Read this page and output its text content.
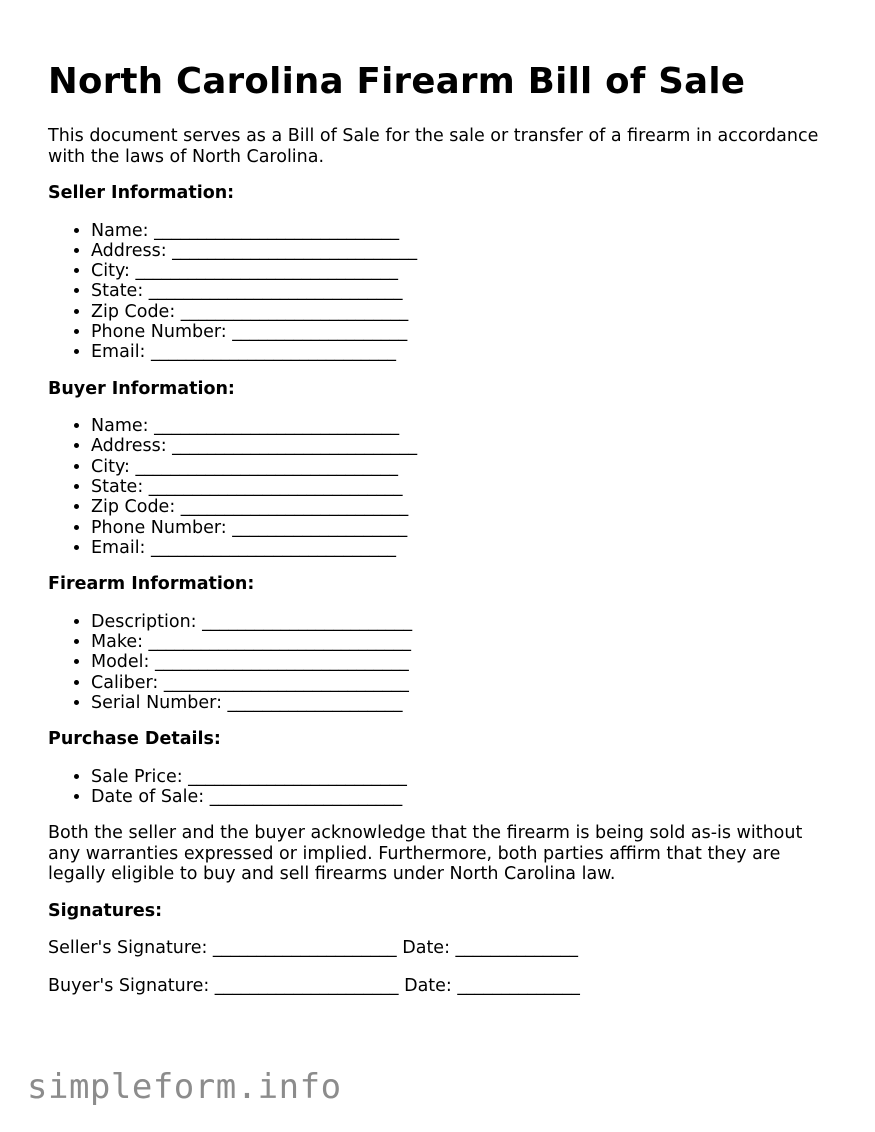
North Carolina Firearm Bill of Sale

This document serves as a Bill of Sale for the sale or transfer of a firearm in accordance with the laws of North Carolina.

Seller Information:
• Name: ____________________________
• Address: ____________________________
• City: ______________________________
• State: _____________________________
• Zip Code: __________________________
• Phone Number: ____________________
• Email: ____________________________
Buyer Information:
• Name: ____________________________
• Address: ____________________________
• City: ______________________________
• State: _____________________________
• Zip Code: __________________________
• Phone Number: ____________________
• Email: ____________________________
Firearm Information:
• Description: ________________________
• Make: ______________________________
• Model: _____________________________
• Caliber: ____________________________
• Serial Number: ____________________
Purchase Details:
• Sale Price: _________________________
• Date of Sale: ______________________

Both the seller and the buyer acknowledge that the firearm is being sold as-is without any warranties expressed or implied. Furthermore, both parties affirm that they are legally eligible to buy and sell firearms under North Carolina law.

Signatures:

Seller's Signature: _____________________ Date: ______________

Buyer's Signature: _____________________ Date: ______________

simpleform.info
